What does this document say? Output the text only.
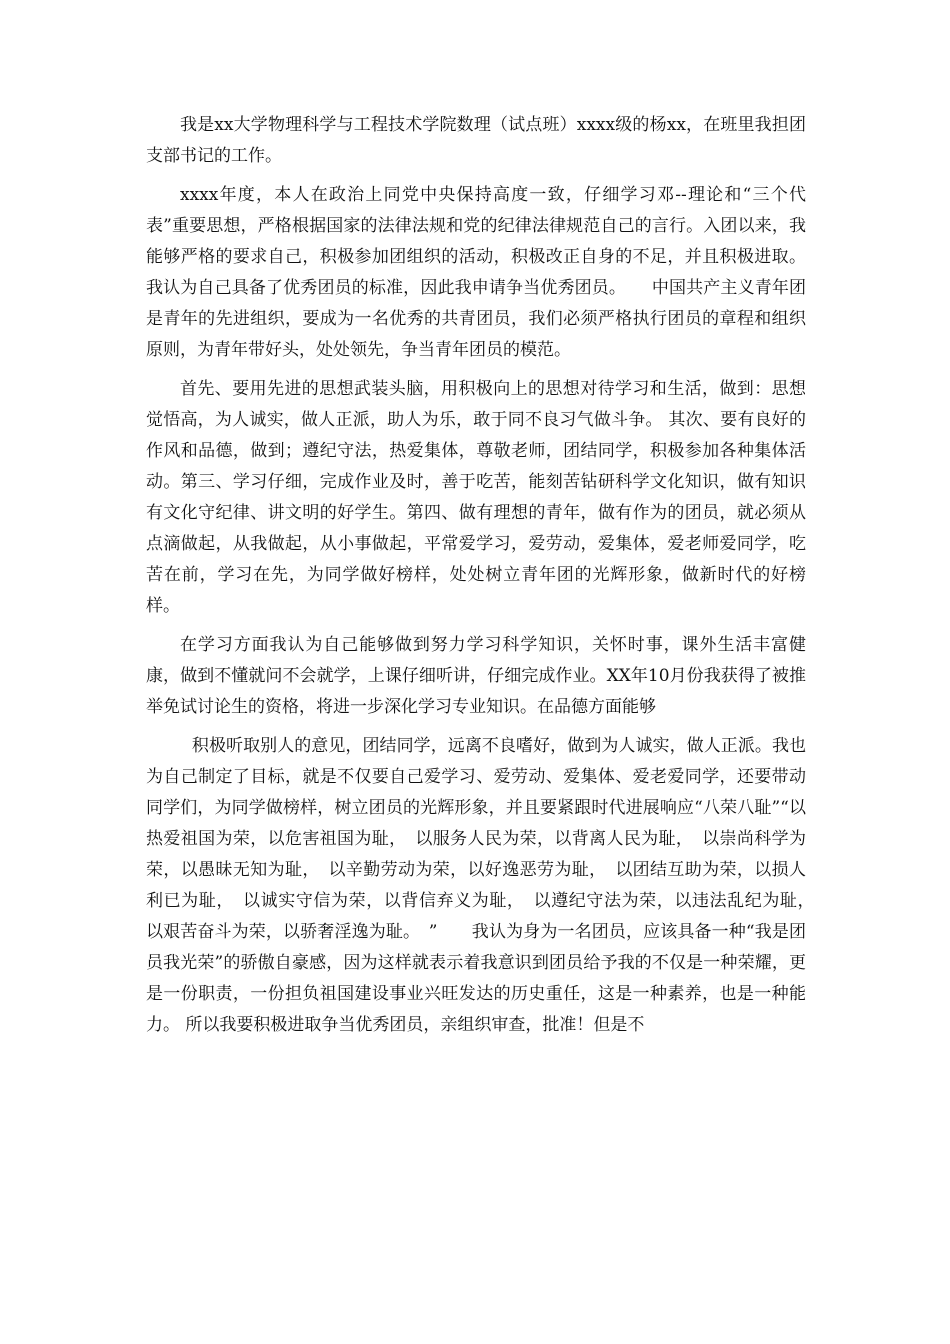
我是xx大学物理科学与工程技术学院数理（试点班）xxxx级的杨xx，在班里我担团支部书记的工作。

xxxx年度，本人在政治上同党中央保持高度一致，仔细学习邓--理论和“三个代表”重要思想，严格根据国家的法律法规和党的纪律法律规范自己的言行。入团以来，我能够严格的要求自己，积极参加团组织的活动，积极改正自身的不足，并且积极进取。我认为自己具备了优秀团员的标准，因此我申请争当优秀团员。　　中国共产主义青年团是青年的先进组织，要成为一名优秀的共青团员，我们必须严格执行团员的章程和组织原则，为青年带好头，处处领先，争当青年团员的模范。

首先、要用先进的思想武装头脑，用积极向上的思想对待学习和生活，做到：思想觉悟高，为人诚实，做人正派，助人为乐，敢于同不良习气做斗争。 其次、要有良好的作风和品德，做到；遵纪守法，热爱集体，尊敬老师，团结同学，积极参加各种集体活动。第三、学习仔细，完成作业及时，善于吃苦，能刻苦钻研科学文化知识，做有知识有文化守纪律、讲文明的好学生。第四、做有理想的青年，做有作为的团员，就必须从点滴做起，从我做起，从小事做起，平常爱学习，爱劳动，爱集体，爱老师爱同学，吃苦在前，学习在先，为同学做好榜样，处处树立青年团的光辉形象，做新时代的好榜样。

在学习方面我认为自己能够做到努力学习科学知识，关怀时事，课外生活丰富健康，做到不懂就问不会就学，上课仔细听讲，仔细完成作业。XX年10月份我获得了被推举免试讨论生的资格，将进一步深化学习专业知识。在品德方面能够

积极听取别人的意见，团结同学，远离不良嗜好，做到为人诚实，做人正派。我也为自己制定了目标，就是不仅要自己爱学习、爱劳动、爱集体、爱老爱同学，还要带动同学们，为同学做榜样，树立团员的光辉形象，并且要紧跟时代进展响应“八荣八耻”“以热爱祖国为荣，以危害祖国为耻，　以服务人民为荣，以背离人民为耻，　以崇尚科学为荣，以愚昧无知为耻，　以辛勤劳动为荣，以好逸恶劳为耻，　以团结互助为荣，以损人利已为耻，　以诚实守信为荣，以背信弃义为耻，　以遵纪守法为荣，以违法乱纪为耻，　以艰苦奋斗为荣，以骄奢淫逸为耻。　”　　我认为身为一名团员，应该具备一种“我是团员我光荣”的骄傲自豪感，因为这样就表示着我意识到团员给予我的不仅是一种荣耀，更是一份职责，一份担负祖国建设事业兴旺发达的历史重任，这是一种素养，也是一种能力。 所以我要积极进取争当优秀团员，亲组织审查，批准！但是不
